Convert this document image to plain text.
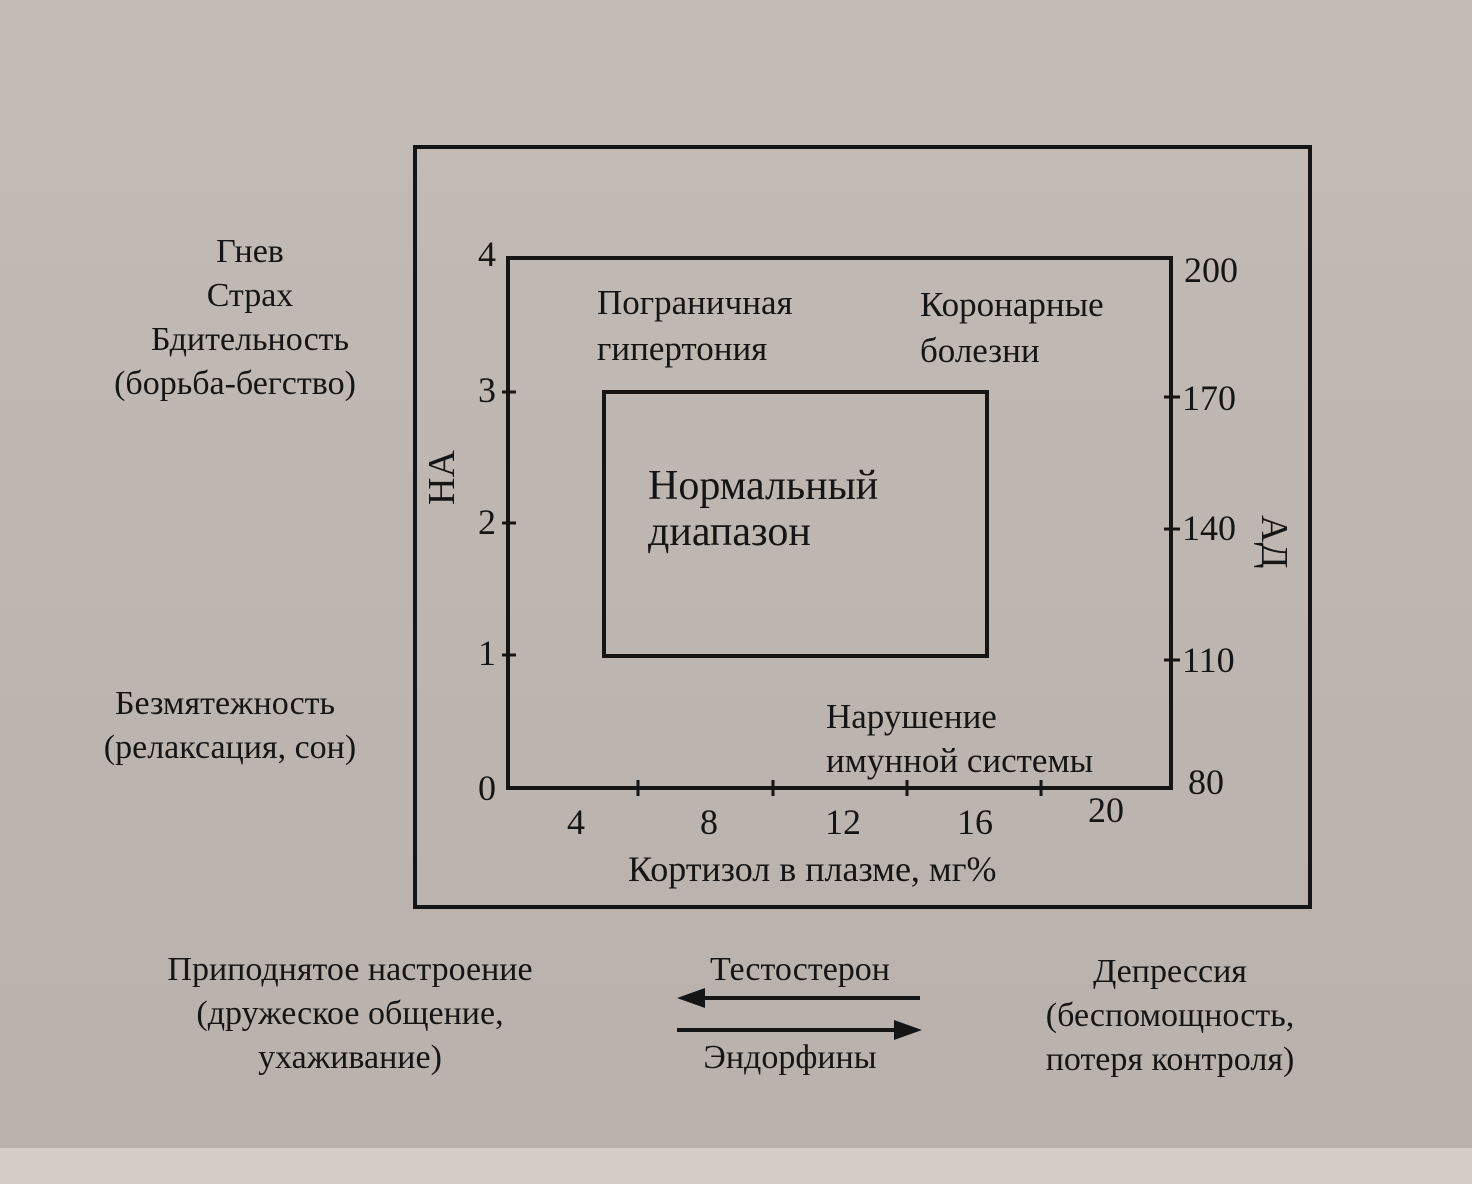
Гнев
Страх
Бдительность
(борьба-бегство)
Безмятежность
(релаксация, сон)
4
3
2
1
0
НА
200
170
140
110
80
АД
4	8	12	16	20
Кортизол в плазме, мг%
Пограничная
гипертония
Коронарные
болезни
Нормальный
диапазон
Нарушение
имунной системы
Приподнятое настроение
(дружеское общение,
ухаживание)
Тестостерон
Эндорфины
Депрессия
(беспомощность,
потеря контроля)
